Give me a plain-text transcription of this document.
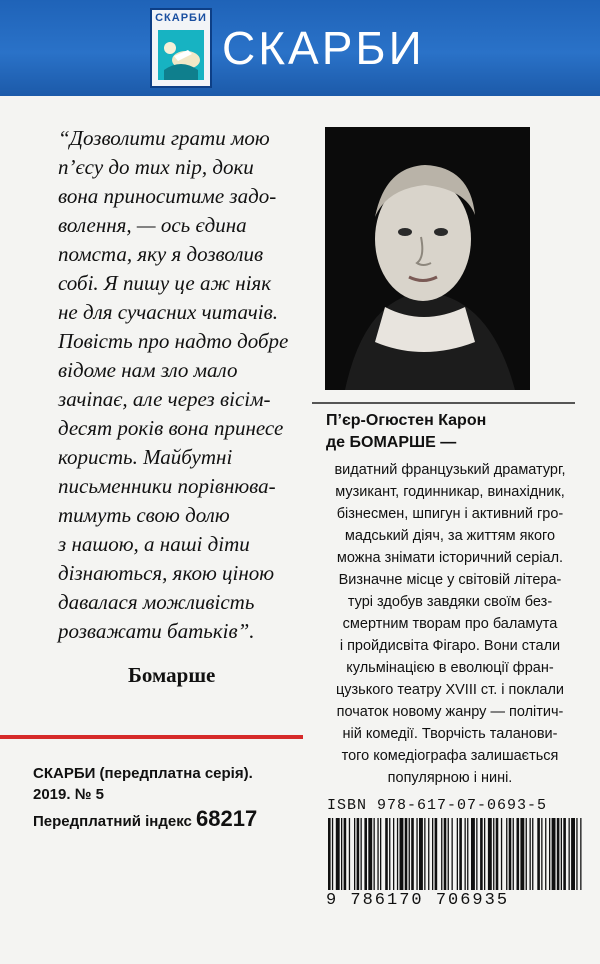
СКАРБИ
СКАРБИ
“Дозволити грати мою
п’єсу до тих пір, доки
вона приноситиме задо-
волення, — ось єдина
помста, яку я дозволив
собі. Я пишу це аж ніяк
не для сучасних читачів.
Повість про надто добре
відоме нам зло мало
зачіпає, але через вісім-
десят років вона принесе
користь. Майбутні
письменники порівнюва-
тимуть свою долю
з нашою, а наші діти
дізнаються, якою ціною
давалася можливість
розважати батьків”.
Бомарше
П’єр-Огюстен Карон
де БОМАРШЕ —
видатний французький драматург,
музикант, годинникар, винахідник,
бізнесмен, шпигун і активний гро-
мадський діяч, за життям якого
можна знімати історичний серіал.
Визначне місце у світовій літера-
турі здобув завдяки своїм без-
смертним творам про баламута
і пройдисвіта Фігаро. Вони стали
кульмінацією в еволюції фран-
цузького театру XVIII ст. і поклали
початок новому жанру — політич-
ній комедії. Творчість таланови-
того комедіографа залишається
популярною і нині.
СКАРБИ (передплатна серія).
2019. № 5
Передплатний індекс 68217
ISBN 978-617-07-0693-5
9 786170 706935
